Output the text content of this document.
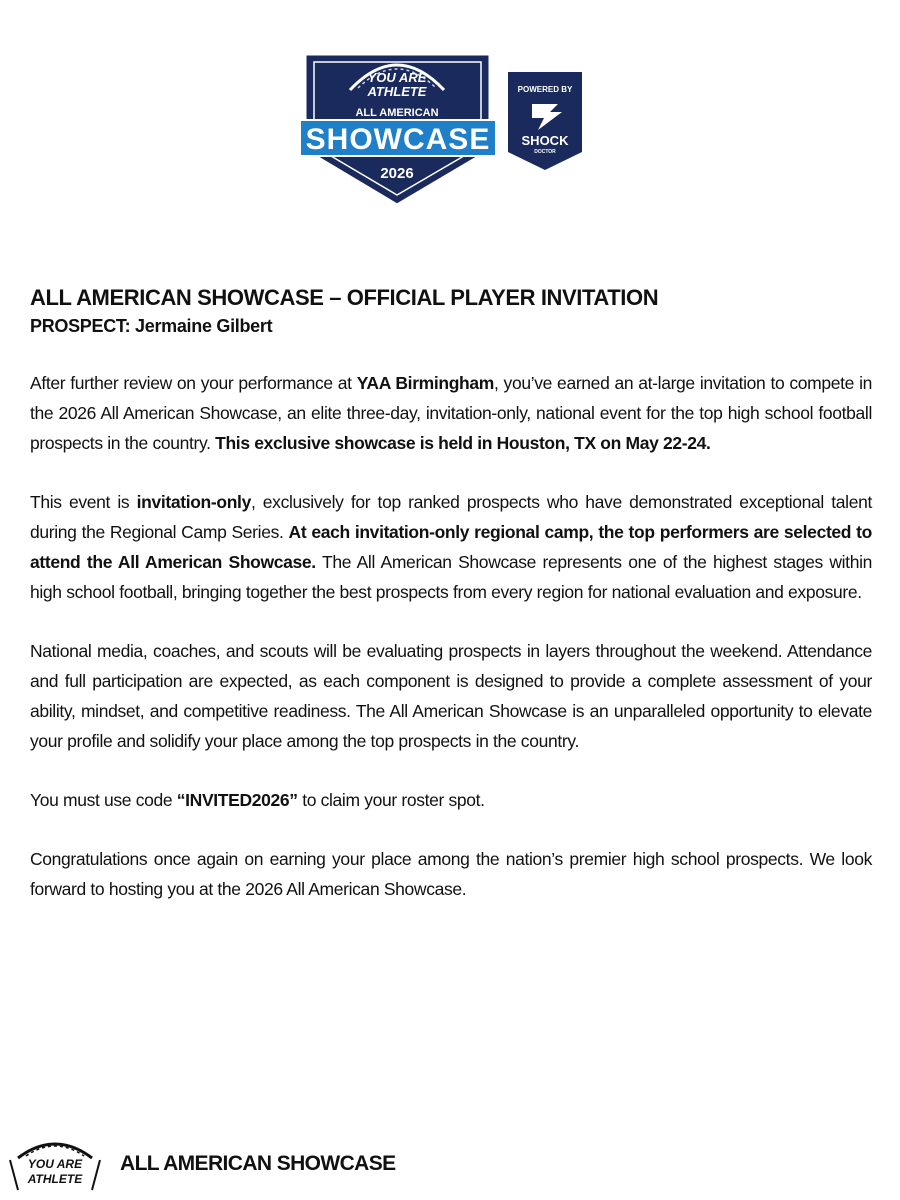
YOU ARE
ATHLETE
ALL AMERICAN
SHOWCASE
2026
POWERED BY
SHOCK
DOCTOR

ALL AMERICAN SHOWCASE – OFFICIAL PLAYER INVITATION

PROSPECT: Jermaine Gilbert

After further review on your performance at YAA Birmingham, you’ve earned an at-large invitation to compete in the 2026 All American Showcase, an elite three-day, invitation-only, national event for the top high school football prospects in the country. This exclusive showcase is held in Houston, TX on May 22-24.

This event is invitation-only, exclusively for top ranked prospects who have demonstrated exceptional talent during the Regional Camp Series. At each invitation-only regional camp, the top performers are selected to attend the All American Showcase. The All American Showcase represents one of the highest stages within high school football, bringing together the best prospects from every region for national evaluation and exposure.

National media, coaches, and scouts will be evaluating prospects in layers throughout the weekend. Attendance and full participation are expected, as each component is designed to provide a complete assessment of your ability, mindset, and competitive readiness. The All American Showcase is an unparalleled opportunity to elevate your profile and solidify your place among the top prospects in the country.

You must use code “INVITED2026” to claim your roster spot.

Congratulations once again on earning your place among the nation’s premier high school prospects. We look forward to hosting you at the 2026 All American Showcase.

YOU ARE
ATHLETE
ALL AMERICAN SHOWCASE
